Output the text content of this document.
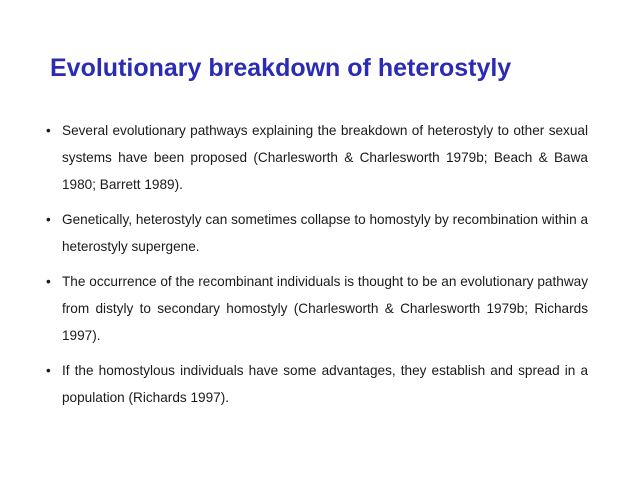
Evolutionary breakdown of heterostyly
• Several evolutionary pathways explaining the breakdown of heterostyly to other sexual systems have been proposed (Charlesworth & Charlesworth 1979b; Beach & Bawa 1980; Barrett 1989).
• Genetically, heterostyly can sometimes collapse to homostyly by recombination within a heterostyly supergene.
• The occurrence of the recombinant individuals is thought to be an evolutionary pathway from distyly to secondary homostyly (Charlesworth & Charlesworth 1979b; Richards 1997).
• If the homostylous individuals have some advantages, they establish and spread in a population (Richards 1997).
